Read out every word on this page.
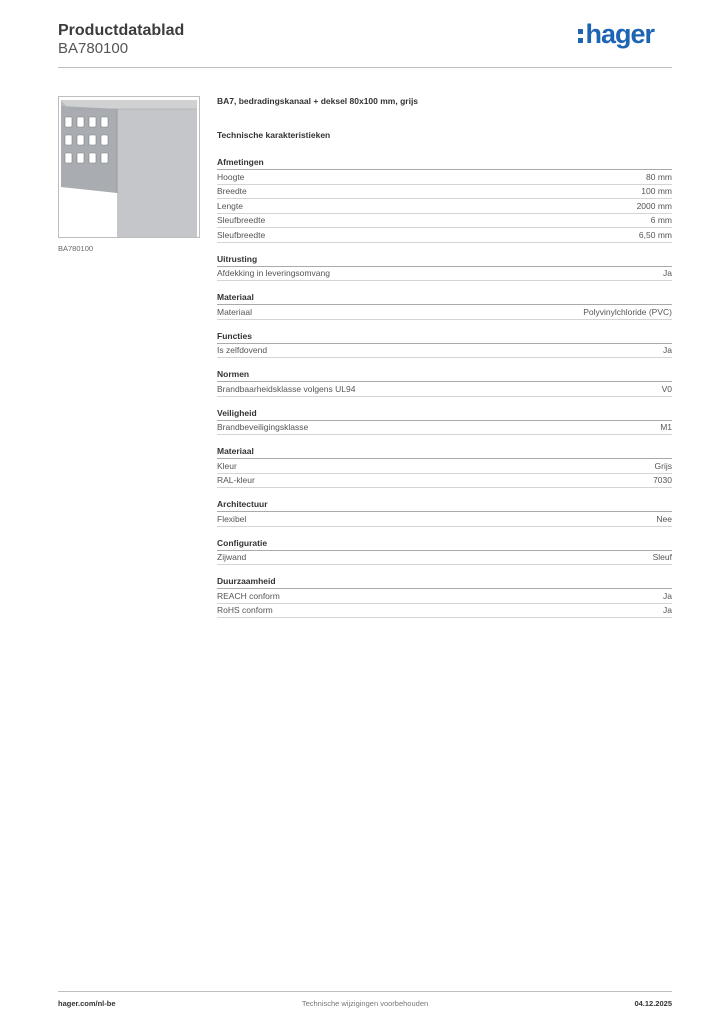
Productdatablad
BA780100	hager
BA780100
BA7, bedradingskanaal + deksel 80x100 mm, grijs
Technische karakteristieken
Afmetingen
Hoogte	80 mm
Breedte	100 mm
Lengte	2000 mm
Sleufbreedte	6 mm
Sleufbreedte	6,50 mm
Uitrusting
Afdekking in leveringsomvang	Ja
Materiaal
Materiaal	Polyvinylchloride (PVC)
Functies
Is zelfdovend	Ja
Normen
Brandbaarheidsklasse volgens UL94	V0
Veiligheid
Brandbeveiligingsklasse	M1
Materiaal
Kleur	Grijs
RAL-kleur	7030
Architectuur
Flexibel	Nee
Configuratie
Zijwand	Sleuf
Duurzaamheid
REACH conform	Ja
RoHS conform	Ja
hager.com/nl-be	Technische wijzigingen voorbehouden	04.12.2025
